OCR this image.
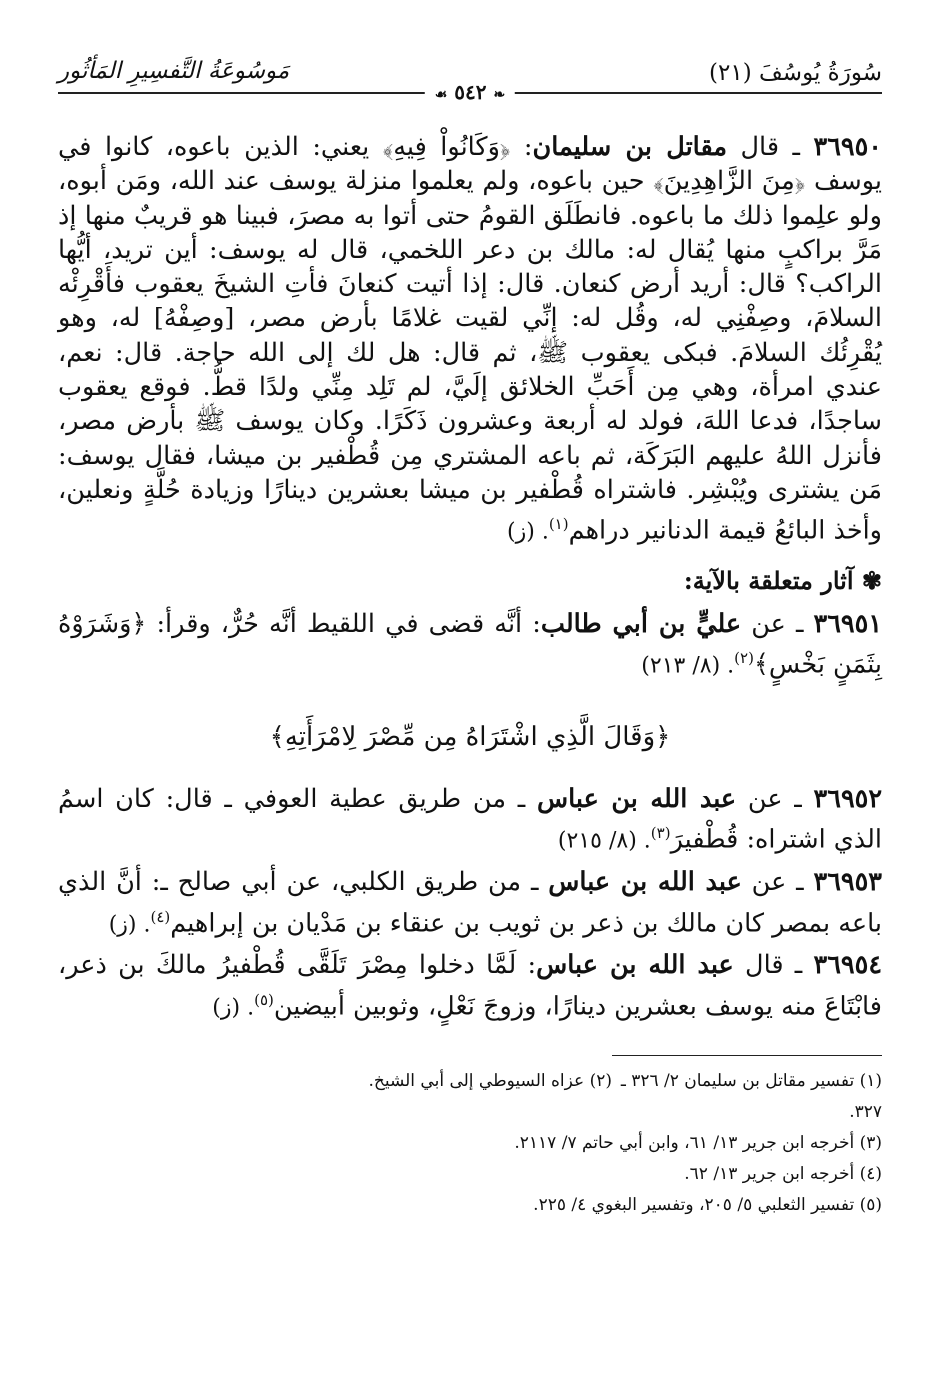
سُورَةُ يُوسُفَ (٢١)
مَوسُوعَةُ التَّفسِيرِ المَأثُور
❧ ٥٤٢ ☙

٣٦٩٥٠ ـ قال مقاتل بن سليمان: ﴿وَكَانُواْ فِيهِ﴾ يعني: الذين باعوه، كانوا في يوسف ﴿مِنَ الزَّاهِدِينَ﴾ حين باعوه، ولم يعلموا منزلة يوسف عند الله، ومَن أبوه، ولو علِموا ذلك ما باعوه. فانطَلَق القومُ حتى أتوا به مصرَ، فبينا هو قريبٌ منها إذ مَرَّ براكبٍ منها يُقال له: مالك بن دعر اللخمي، قال له يوسف: أين تريد، أيُّها الراكب؟ قال: أريد أرض كنعان. قال: إذا أتيت كنعانَ فأتِ الشيخَ يعقوب فأَقْرِئْه السلامَ، وصِفْنِي له، وقُل له: إنِّي لقيت غلامًا بأرض مصر، [وصِفْهُ] له، وهو يُقْرِئُك السلامَ. فبكى يعقوب ﷺ، ثم قال: هل لك إلى الله حاجة. قال: نعم، عندي امرأة، وهي مِن أَحَبِّ الخلائق إلَيَّ، لم تَلِد مِنِّي ولدًا قطُّ. فوقع يعقوب ساجدًا، فدعا اللهَ، فولد له أربعة وعشرون ذَكَرًا. وكان يوسف ﷺ بأرض مصر، فأنزل اللهُ عليهم البَرَكَة، ثم باعه المشتري مِن قُطْفير بن ميشا، فقال يوسف: مَن يشترى ويُبْشِر. فاشتراه قُطْفير بن ميشا بعشرين دينارًا وزيادة حُلَّةٍ ونعلين، وأخذ البائعُ قيمة الدنانير دراهم$^{(١)}$. (ز)

✾ آثار متعلقة بالآية:

٣٦٩٥١ ـ عن عليٍّ بن أبي طالب: أنَّه قضى في اللقيط أنَّه حُرٌّ، وقرأ: ﴿وَشَرَوْهُ بِثَمَنٍ بَخْسٍ﴾$^{(٢)}$. (٨/ ٢١٣)

﴿وَقَالَ الَّذِي اشْتَرَاهُ مِن مِّصْرَ لِامْرَأَتِهِ﴾

٣٦٩٥٢ ـ عن عبد الله بن عباس ـ من طريق عطية العوفي ـ قال: كان اسمُ الذي اشتراه: قُطْفيرَ$^{(٣)}$. (٨/ ٢١٥)

٣٦٩٥٣ ـ عن عبد الله بن عباس ـ من طريق الكلبي، عن أبي صالح ـ: أنَّ الذي باعه بمصر كان مالك بن ذعر بن ثويب بن عنقاء بن مَدْيان بن إبراهيم$^{(٤)}$. (ز)

٣٦٩٥٤ ـ قال عبد الله بن عباس: لَمَّا دخلوا مِصْرَ تَلَقَّى قُطْفيرُ مالكَ بن ذعر، فابْتَاعَ منه يوسف بعشرين دينارًا، وزوجَ نَعْلٍ، وثوبين أبيضين$^{(٥)}$. (ز)

(١) تفسير مقاتل بن سليمان ٢/ ٣٢٦ ـ ٣٢٧.
(٢) عزاه السيوطي إلى أبي الشيخ.
(٣) أخرجه ابن جرير ١٣/ ٦١، وابن أبي حاتم ٧/ ٢١١٧.
(٤) أخرجه ابن جرير ١٣/ ٦٢.
(٥) تفسير الثعلبي ٥/ ٢٠٥، وتفسير البغوي ٤/ ٢٢٥.
